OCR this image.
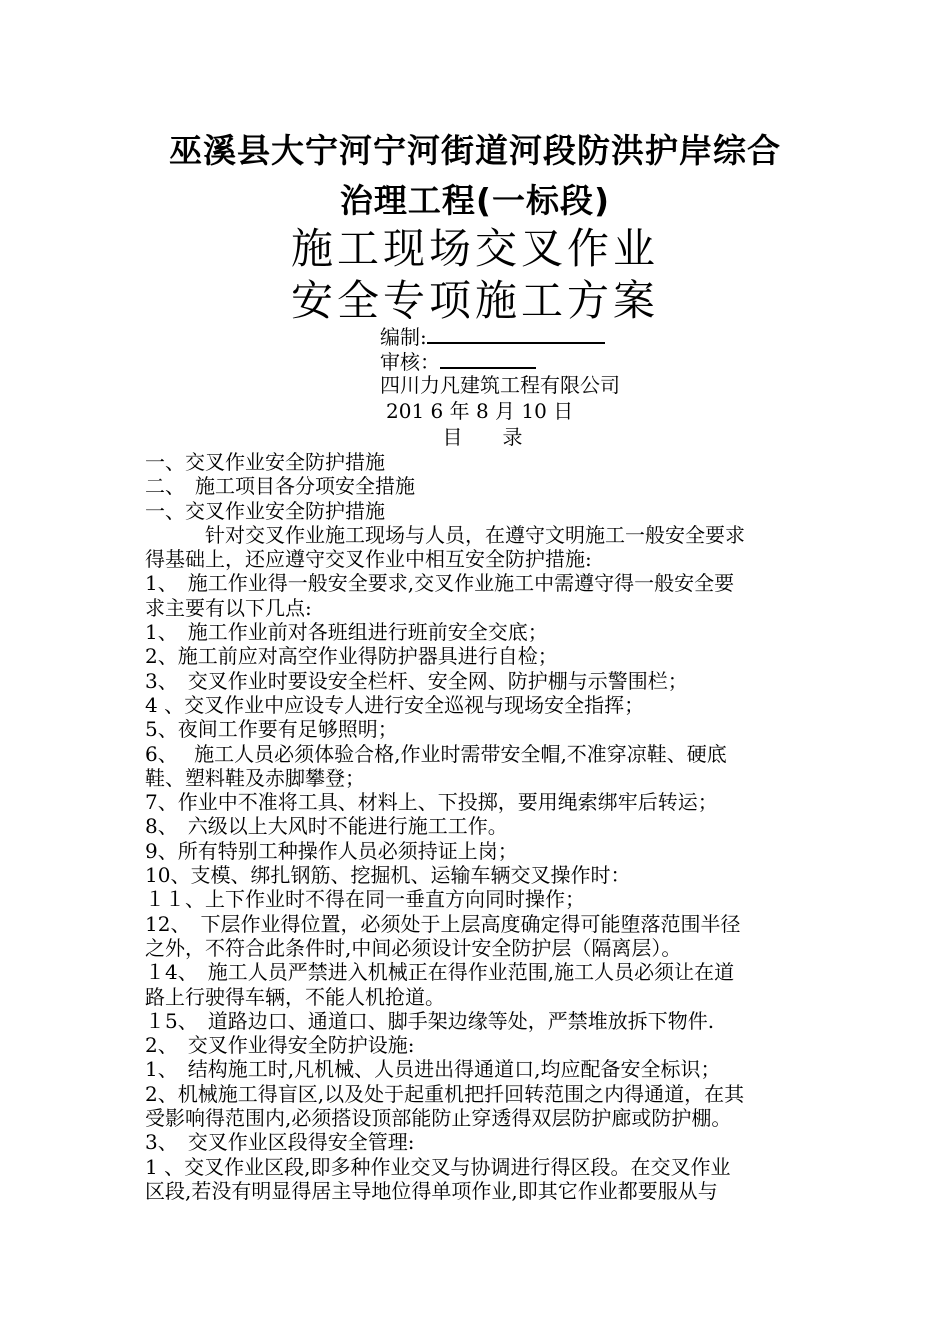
巫溪县大宁河宁河街道河段防洪护岸综合
治理工程(一标段)
施工现场交叉作业
安全专项施工方案
编制:
审核：
四川力凡建筑工程有限公司
201 6 年 8 月 10 日
目　　录
一、交叉作业安全防护措施
二、　施工项目各分项安全措施
一、交叉作业安全防护措施
　　　针对交叉作业施工现场与人员，在遵守文明施工一般安全要求
得基础上，还应遵守交叉作业中相互安全防护措施:
1、　施工作业得一般安全要求,交叉作业施工中需遵守得一般安全要
求主要有以下几点:
1、　施工作业前对各班组进行班前安全交底；
2、施工前应对高空作业得防护器具进行自检；
3、　交叉作业时要设安全栏杆、安全网、防护棚与示警围栏；
4 、交叉作业中应设专人进行安全巡视与现场安全指挥；
5、夜间工作要有足够照明；
6、　 施工人员必须体验合格,作业时需带安全帽,不准穿凉鞋、硬底
鞋、塑料鞋及赤脚攀登；
7、作业中不准将工具、材料上、下投掷，要用绳索绑牢后转运；
8、　六级以上大风时不能进行施工工作。
9、所有特别工种操作人员必须持证上岗；
10、支模、绑扎钢筋、挖掘机、运输车辆交叉操作时：
１１、上下作业时不得在同一垂直方向同时操作；
12、　下层作业得位置，必须处于上层高度确定得可能堕落范围半径
之外，不符合此条件时,中间必须设计安全防护层（隔离层）。
１4、　施工人员严禁进入机械正在得作业范围,施工人员必须让在道
路上行驶得车辆，不能人机抢道。
１5、　道路边口、通道口、脚手架边缘等处，严禁堆放拆下物件.
2、　交叉作业得安全防护设施:
1、　结构施工时,凡机械、人员进出得通道口,均应配备安全标识；
2、机械施工得盲区,以及处于起重机把扦回转范围之内得通道，在其
受影响得范围内,必须搭设顶部能防止穿透得双层防护廊或防护棚。
3、　交叉作业区段得安全管理:
1 、交叉作业区段,即多种作业交叉与协调进行得区段。在交叉作业
区段,若没有明显得居主导地位得单项作业,即其它作业都要服从与
